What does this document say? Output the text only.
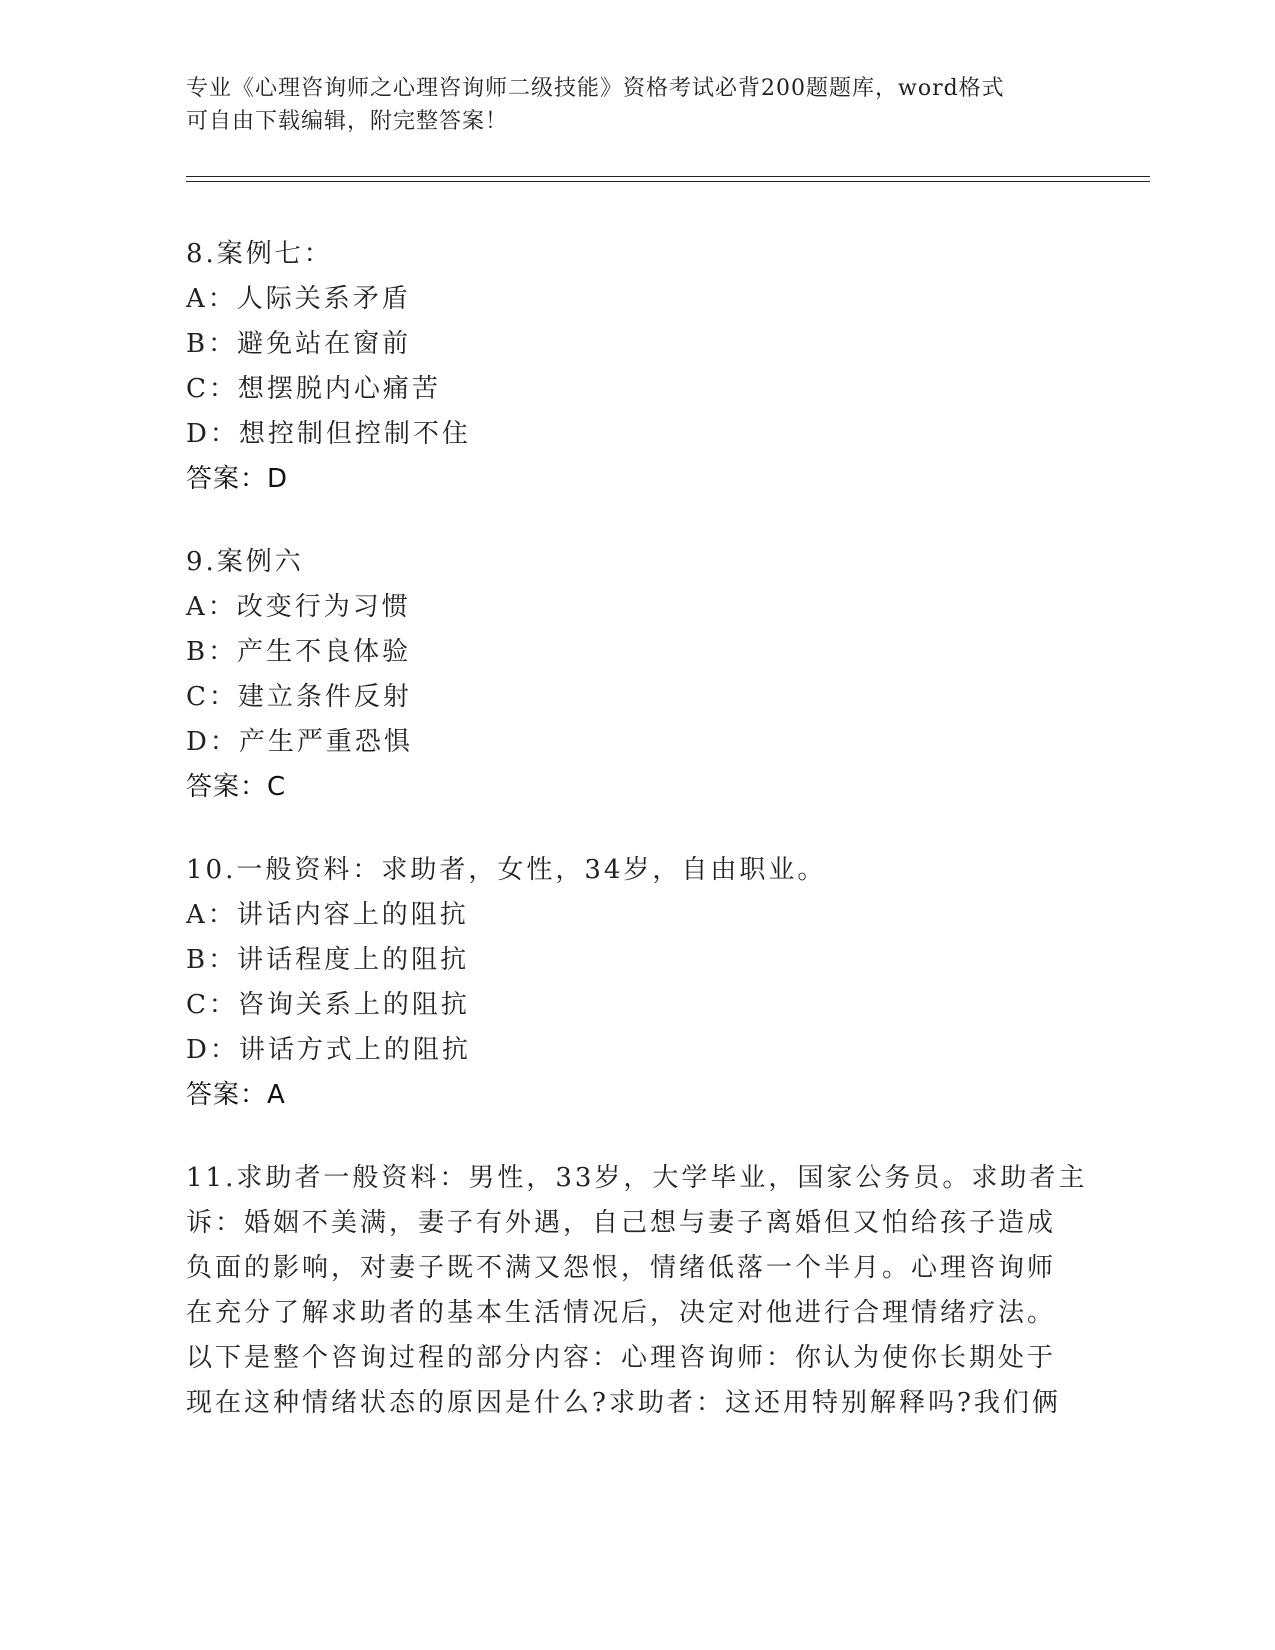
专业《心理咨询师之心理咨询师二级技能》资格考试必背200题题库，word格式
可自由下载编辑，附完整答案！
8.案例七：
A：人际关系矛盾
B：避免站在窗前
C：想摆脱内心痛苦
D：想控制但控制不住
答案：D
9.案例六
A：改变行为习惯
B：产生不良体验
C：建立条件反射
D：产生严重恐惧
答案：C
10.一般资料：求助者，女性，34岁，自由职业。
A：讲话内容上的阻抗
B：讲话程度上的阻抗
C：咨询关系上的阻抗
D：讲话方式上的阻抗
答案：A
11.求助者一般资料：男性，33岁，大学毕业，国家公务员。求助者主
诉：婚姻不美满，妻子有外遇，自己想与妻子离婚但又怕给孩子造成
负面的影响，对妻子既不满又怨恨，情绪低落一个半月。心理咨询师
在充分了解求助者的基本生活情况后，决定对他进行合理情绪疗法。
以下是整个咨询过程的部分内容：心理咨询师：你认为使你长期处于
现在这种情绪状态的原因是什么?求助者：这还用特别解释吗?我们俩
